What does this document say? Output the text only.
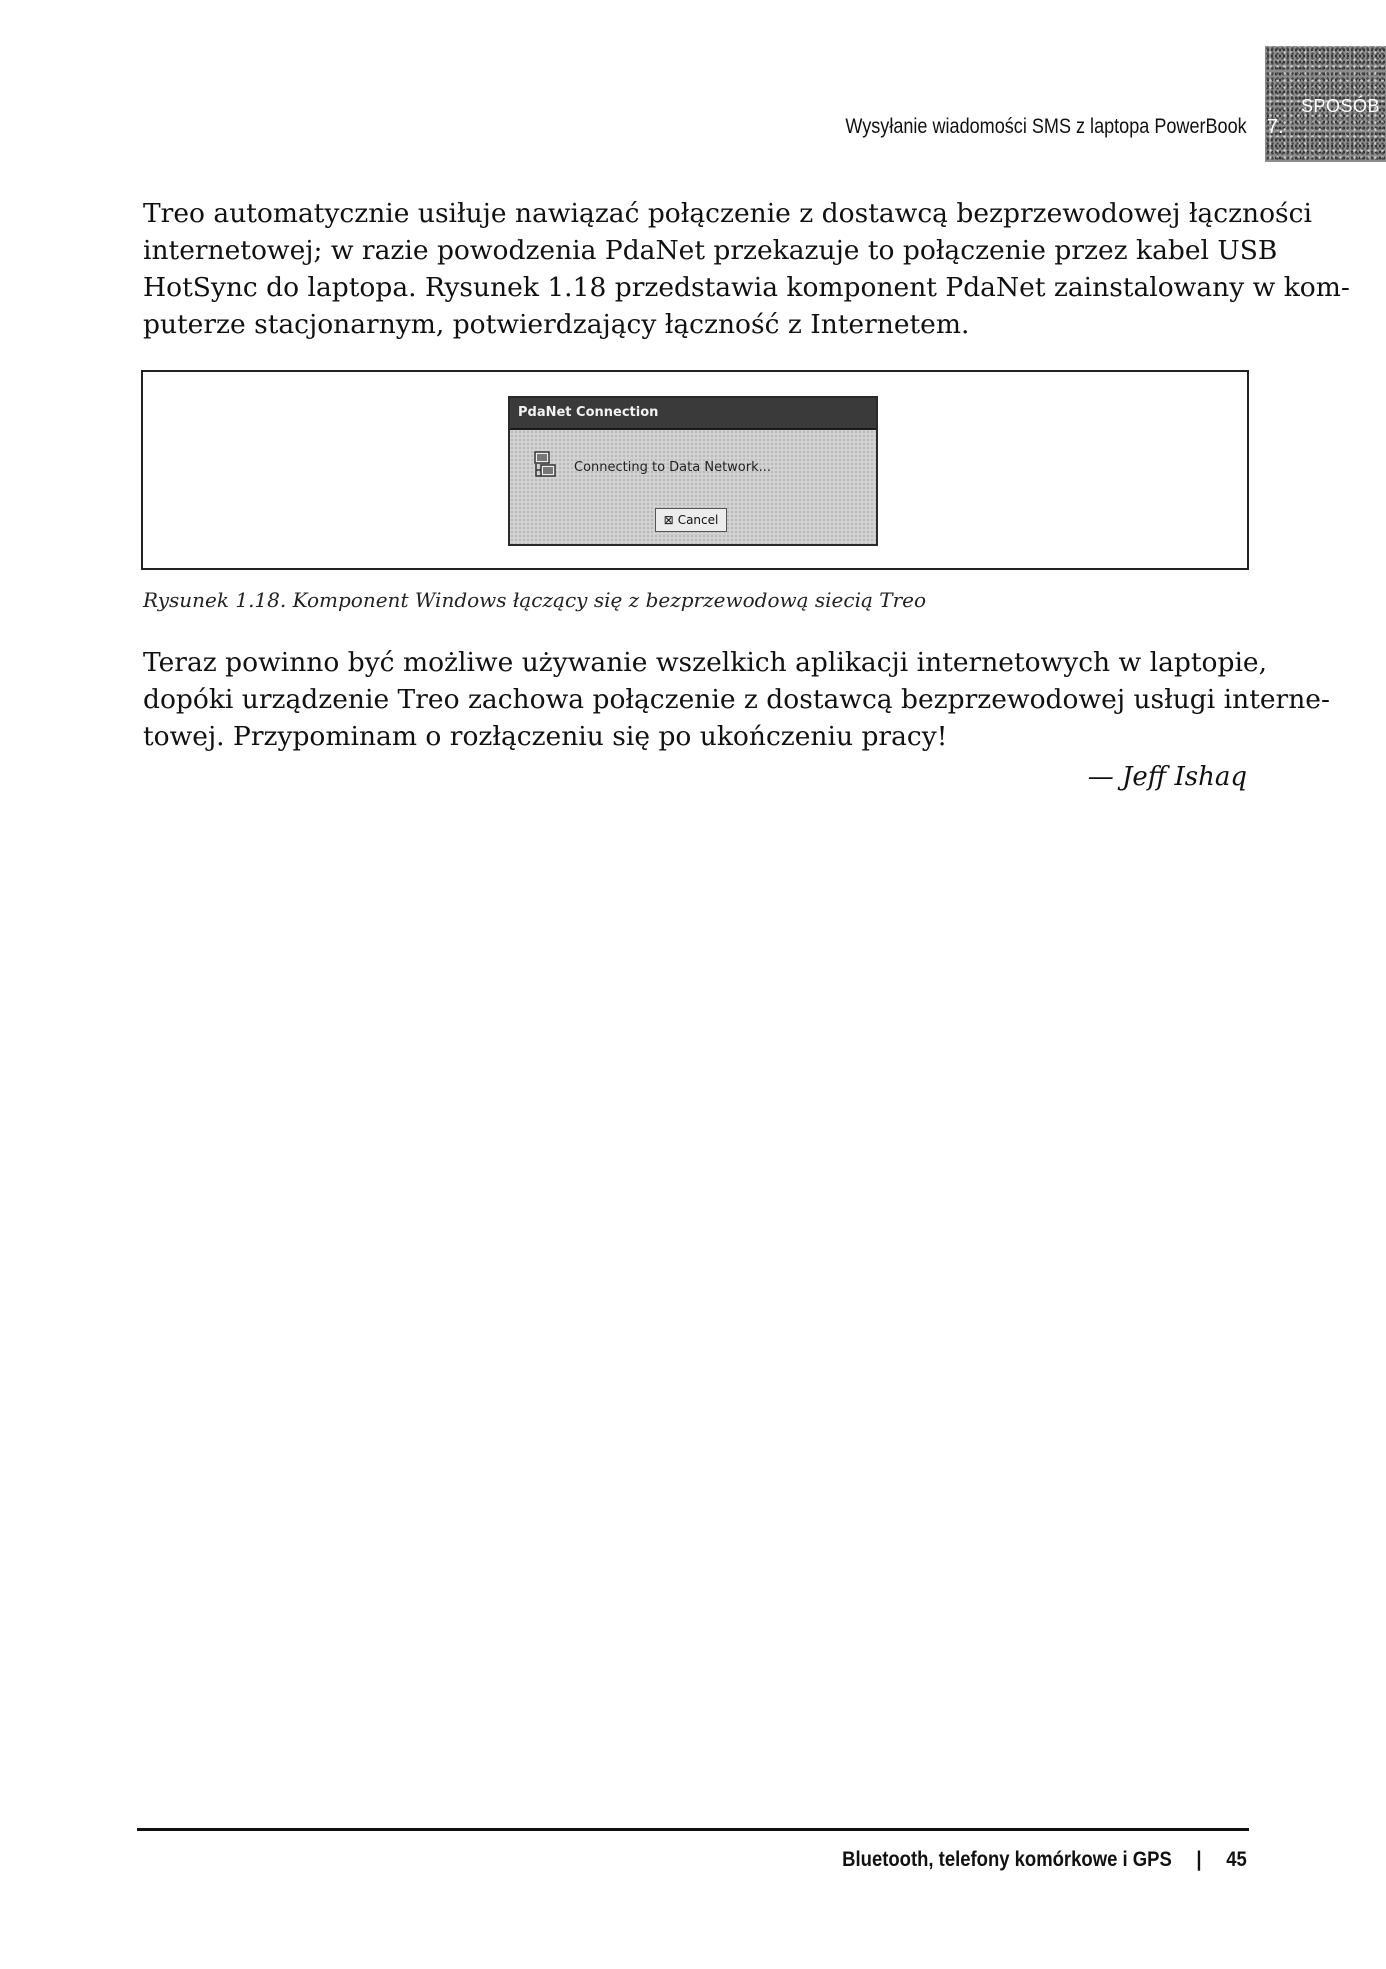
Wysyłanie wiadomości SMS z laptopa PowerBook
SPOSÓB
7.
Treo automatycznie usiłuje nawiązać połączenie z dostawcą bezprzewodowej łączności
internetowej; w razie powodzenia PdaNet przekazuje to połączenie przez kabel USB
HotSync do laptopa. Rysunek 1.18 przedstawia komponent PdaNet zainstalowany w kom-
puterze stacjonarnym, potwierdzający łączność z Internetem.
PdaNet Connection
Connecting to Data Network...
⊠ Cancel
Rysunek 1.18. Komponent Windows łączący się z bezprzewodową siecią Treo
Teraz powinno być możliwe używanie wszelkich aplikacji internetowych w laptopie,
dopóki urządzenie Treo zachowa połączenie z dostawcą bezprzewodowej usługi interne-
towej. Przypominam o rozłączeniu się po ukończeniu pracy!
— Jeff Ishaq
Bluetooth, telefony komórkowe i GPS | 45
